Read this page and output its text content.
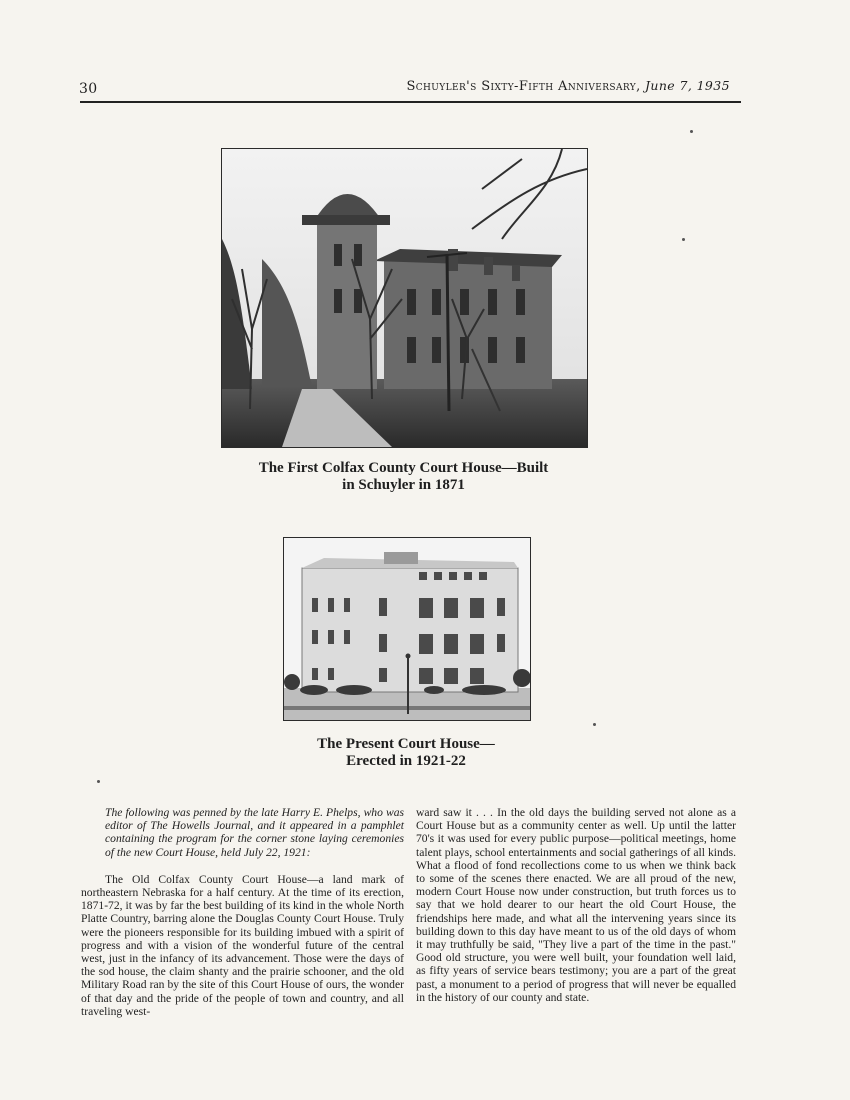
30	Schuyler's Sixty-Fifth Anniversary, June 7, 1935
The First Colfax County Court House—Built
in Schuyler in 1871
The Present Court House—
Erected in 1921-22

The following was penned by the late Harry E. Phelps, who was editor of The Howells Journal, and it appeared in a pamphlet containing the program for the corner stone laying ceremonies of the new Court House, held July 22, 1921:

The Old Colfax County Court House—a land mark of northeastern Nebraska for a half century. At the time of its erection, 1871-72, it was by far the best building of its kind in the whole North Platte Country, barring alone the Douglas County Court House. Truly were the pioneers responsible for its building imbued with a spirit of progress and with a vision of the wonderful future of the central west, just in the infancy of its advancement. Those were the days of the sod house, the claim shanty and the prairie schooner, and the old Military Road ran by the site of this Court House of ours, the wonder of that day and the pride of the people of town and country, and all traveling west-

ward saw it . . . In the old days the building served not alone as a Court House but as a community center as well. Up until the latter 70's it was used for every public purpose—political meetings, home talent plays, school entertainments and social gatherings of all kinds. What a flood of fond recollections come to us when we think back to some of the scenes there enacted. We are all proud of the new, modern Court House now under construction, but truth forces us to say that we hold dearer to our heart the old Court House, the friendships here made, and what all the intervening years since its building down to this day have meant to us of the old days of whom it may truthfully be said, "They live a part of the time in the past." Good old structure, you were well built, your foundation well laid, as fifty years of service bears testimony; you are a part of the great past, a monument to a period of progress that will never be equalled in the history of our county and state.
